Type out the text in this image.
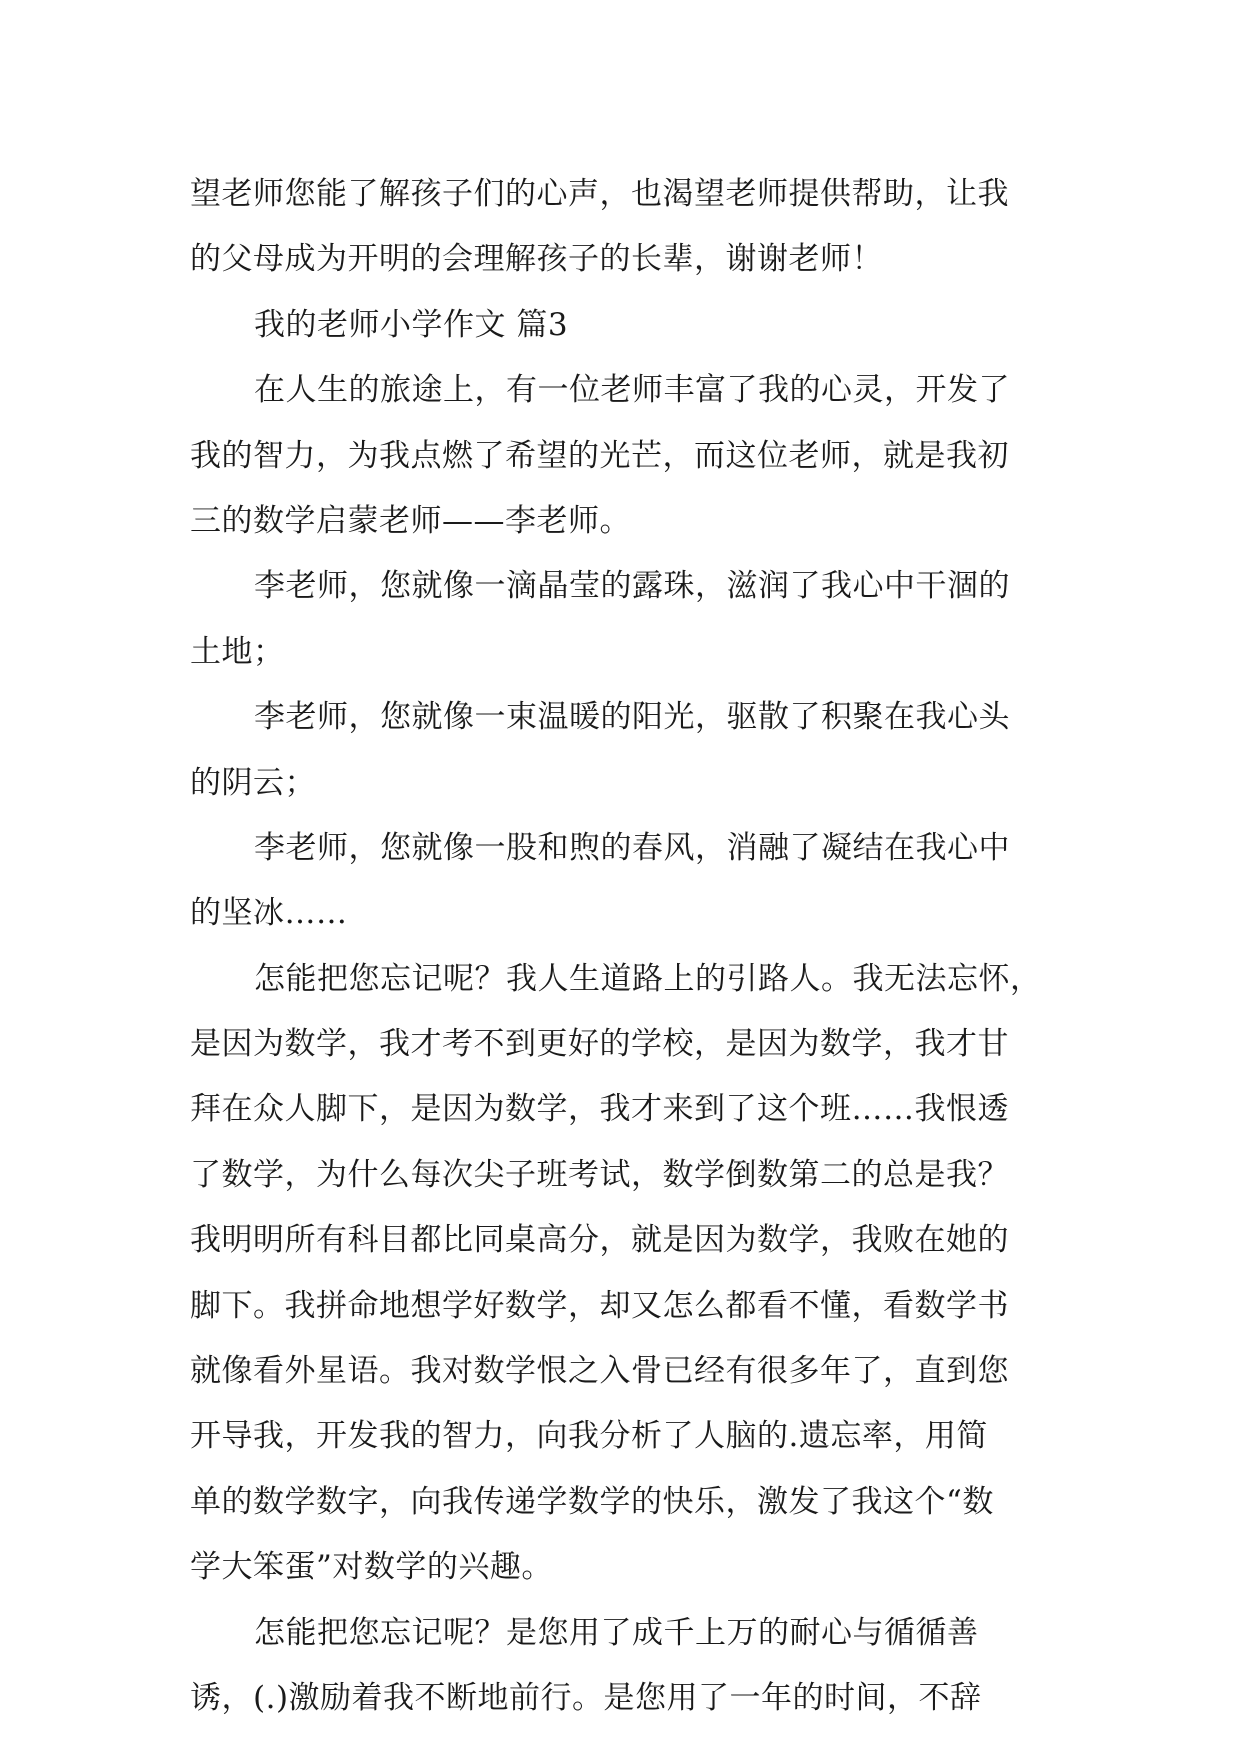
望老师您能了解孩子们的心声，也渴望老师提供帮助，让我
的父母成为开明的会理解孩子的长辈，谢谢老师！
我的老师小学作文 篇3
在人生的旅途上，有一位老师丰富了我的心灵，开发了
我的智力，为我点燃了希望的光芒，而这位老师，就是我初
三的数学启蒙老师——李老师。
李老师，您就像一滴晶莹的露珠，滋润了我心中干涸的
土地；
李老师，您就像一束温暖的阳光，驱散了积聚在我心头
的阴云；
李老师，您就像一股和煦的春风，消融了凝结在我心中
的坚冰……
怎能把您忘记呢？我人生道路上的引路人。我无法忘怀，
是因为数学，我才考不到更好的学校，是因为数学，我才甘
拜在众人脚下，是因为数学，我才来到了这个班……我恨透
了数学，为什么每次尖子班考试，数学倒数第二的总是我？
我明明所有科目都比同桌高分，就是因为数学，我败在她的
脚下。我拼命地想学好数学，却又怎么都看不懂，看数学书
就像看外星语。我对数学恨之入骨已经有很多年了，直到您
开导我，开发我的智力，向我分析了人脑的.遗忘率，用简
单的数学数字，向我传递学数学的快乐，激发了我这个“数
学大笨蛋”对数学的兴趣。
怎能把您忘记呢？是您用了成千上万的耐心与循循善
诱，(.)激励着我不断地前行。是您用了一年的时间，不辞
